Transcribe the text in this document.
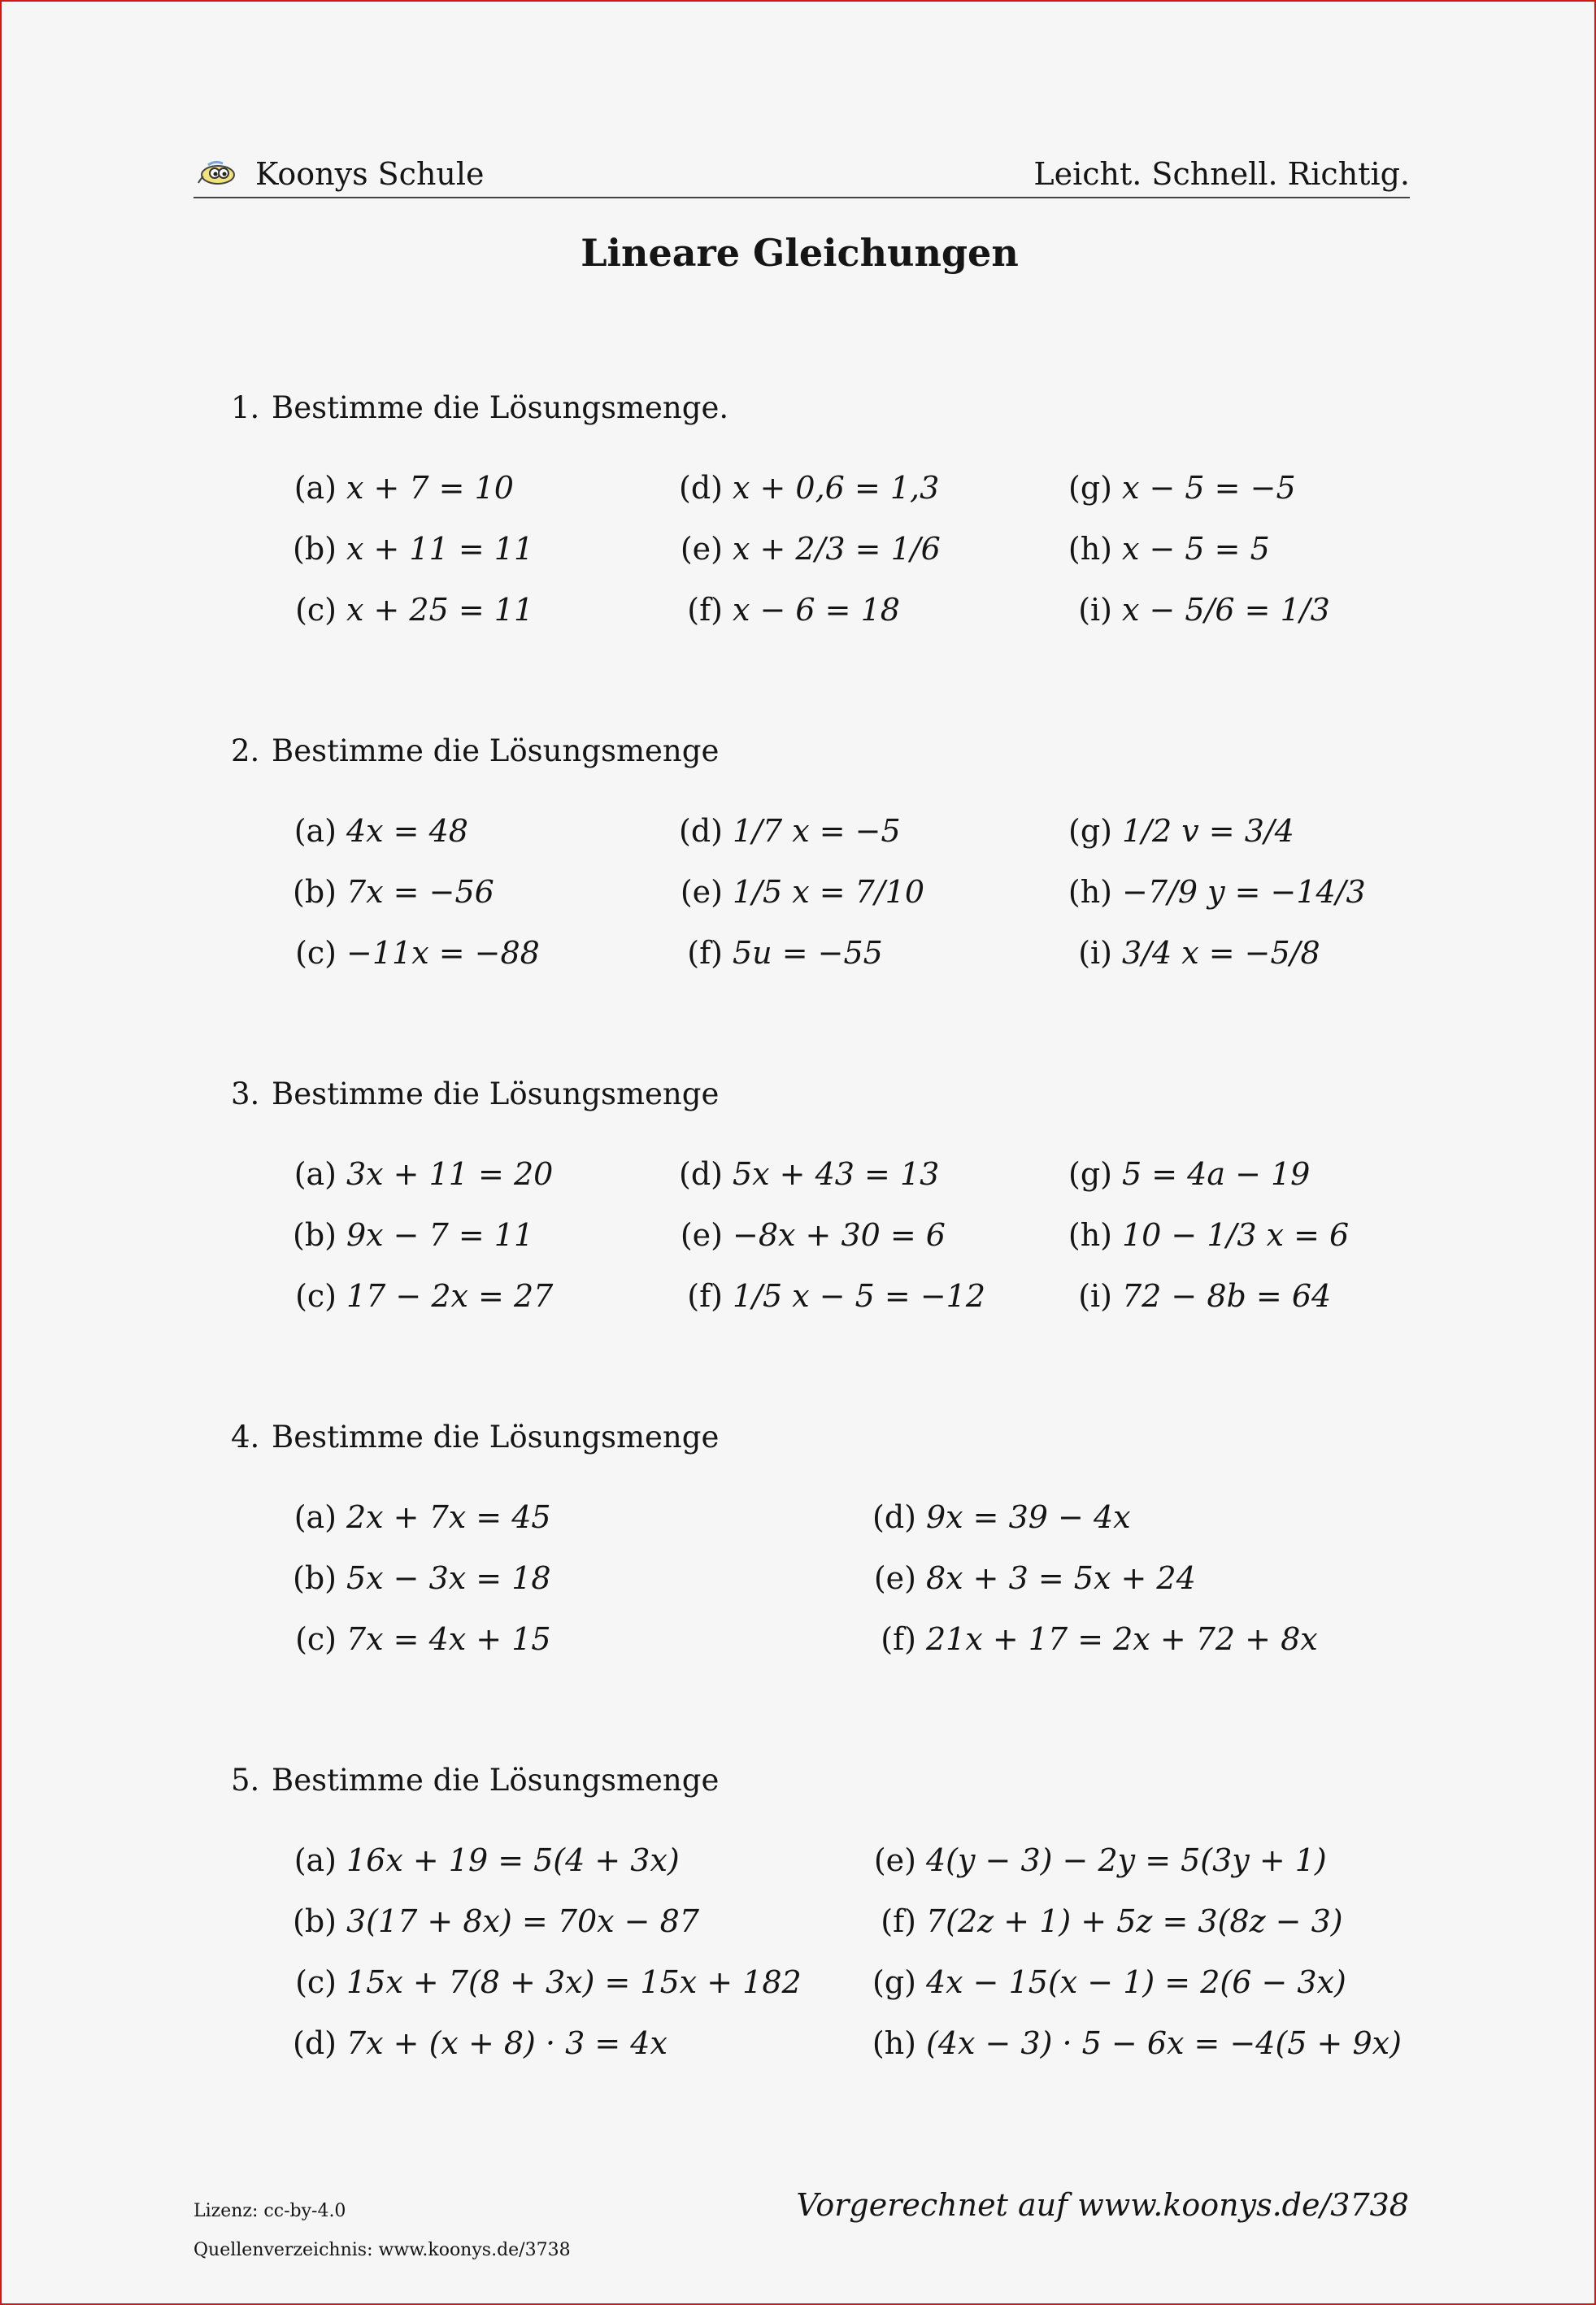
Koonys Schule	Leicht. Schnell. Richtig.
Lineare Gleichungen
1. Bestimme die Lösungsmenge.
(a) x + 7 = 10	(d) x + 0,6 = 1,3	(g) x − 5 = −5
(b) x + 11 = 11	(e) x + 2/3 = 1/6	(h) x − 5 = 5
(c) x + 25 = 11	(f) x − 6 = 18	(i) x − 5/6 = 1/3
2. Bestimme die Lösungsmenge
(a) 4x = 48	(d) 1/7 x = −5	(g) 1/2 v = 3/4
(b) 7x = −56	(e) 1/5 x = 7/10	(h) −7/9 y = −14/3
(c) −11x = −88	(f) 5u = −55	(i) 3/4 x = −5/8
3. Bestimme die Lösungsmenge
(a) 3x + 11 = 20	(d) 5x + 43 = 13	(g) 5 = 4a − 19
(b) 9x − 7 = 11	(e) −8x + 30 = 6	(h) 10 − 1/3 x = 6
(c) 17 − 2x = 27	(f) 1/5 x − 5 = −12	(i) 72 − 8b = 64
4. Bestimme die Lösungsmenge
(a) 2x + 7x = 45	(d) 9x = 39 − 4x
(b) 5x − 3x = 18	(e) 8x + 3 = 5x + 24
(c) 7x = 4x + 15	(f) 21x + 17 = 2x + 72 + 8x
5. Bestimme die Lösungsmenge
(a) 16x + 19 = 5(4 + 3x)	(e) 4(y − 3) − 2y = 5(3y + 1)
(b) 3(17 + 8x) = 70x − 87	(f) 7(2z + 1) + 5z = 3(8z − 3)
(c) 15x + 7(8 + 3x) = 15x + 182	(g) 4x − 15(x − 1) = 2(6 − 3x)
(d) 7x + (x + 8) · 3 = 4x	(h) (4x − 3) · 5 − 6x = −4(5 + 9x)
Lizenz: cc-by-4.0
Quellenverzeichnis: www.koonys.de/3738
Vorgerechnet auf www.koonys.de/3738
